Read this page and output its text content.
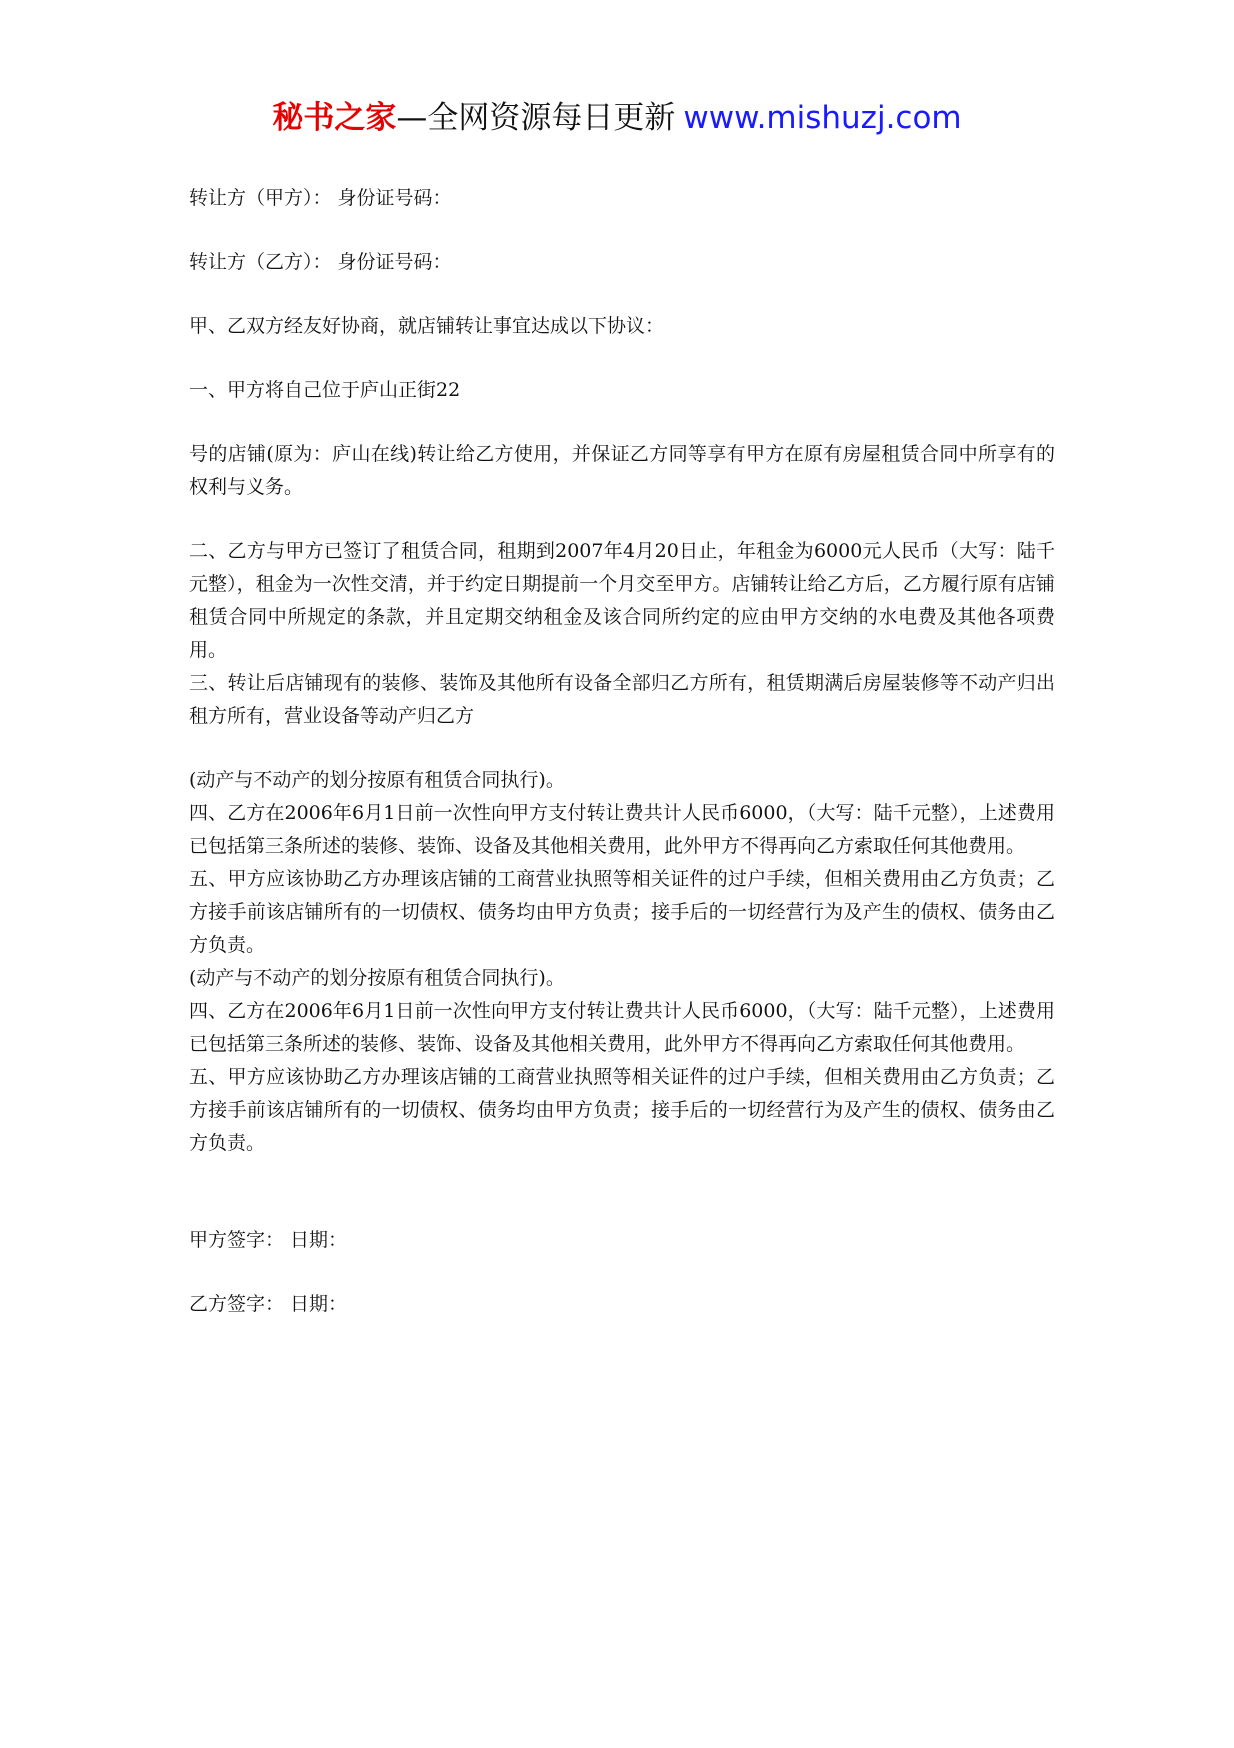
秘书之家—全网资源每日更新 www.mishuzj.com

转让方（甲方）： 身份证号码：

转让方（乙方）： 身份证号码：

甲、乙双方经友好协商，就店铺转让事宜达成以下协议：

一、甲方将自己位于庐山正街22

号的店铺(原为：庐山在线)转让给乙方使用，并保证乙方同等享有甲方在原有房屋租赁合同中所享有的权利与义务。

二、乙方与甲方已签订了租赁合同，租期到2007年4月20日止，年租金为6000元人民币（大写：陆千元整），租金为一次性交清，并于约定日期提前一个月交至甲方。店铺转让给乙方后，乙方履行原有店铺租赁合同中所规定的条款，并且定期交纳租金及该合同所约定的应由甲方交纳的水电费及其他各项费用。

三、转让后店铺现有的装修、装饰及其他所有设备全部归乙方所有，租赁期满后房屋装修等不动产归出租方所有，营业设备等动产归乙方

(动产与不动产的划分按原有租赁合同执行)。

四、乙方在2006年6月1日前一次性向甲方支付转让费共计人民币6000，（大写：陆千元整），上述费用已包括第三条所述的装修、装饰、设备及其他相关费用，此外甲方不得再向乙方索取任何其他费用。

五、甲方应该协助乙方办理该店铺的工商营业执照等相关证件的过户手续，但相关费用由乙方负责；乙方接手前该店铺所有的一切债权、债务均由甲方负责；接手后的一切经营行为及产生的债权、债务由乙方负责。

(动产与不动产的划分按原有租赁合同执行)。

四、乙方在2006年6月1日前一次性向甲方支付转让费共计人民币6000，（大写：陆千元整），上述费用已包括第三条所述的装修、装饰、设备及其他相关费用，此外甲方不得再向乙方索取任何其他费用。

五、甲方应该协助乙方办理该店铺的工商营业执照等相关证件的过户手续，但相关费用由乙方负责；乙方接手前该店铺所有的一切债权、债务均由甲方负责；接手后的一切经营行为及产生的债权、债务由乙方负责。

甲方签字： 日期：

乙方签字： 日期：
